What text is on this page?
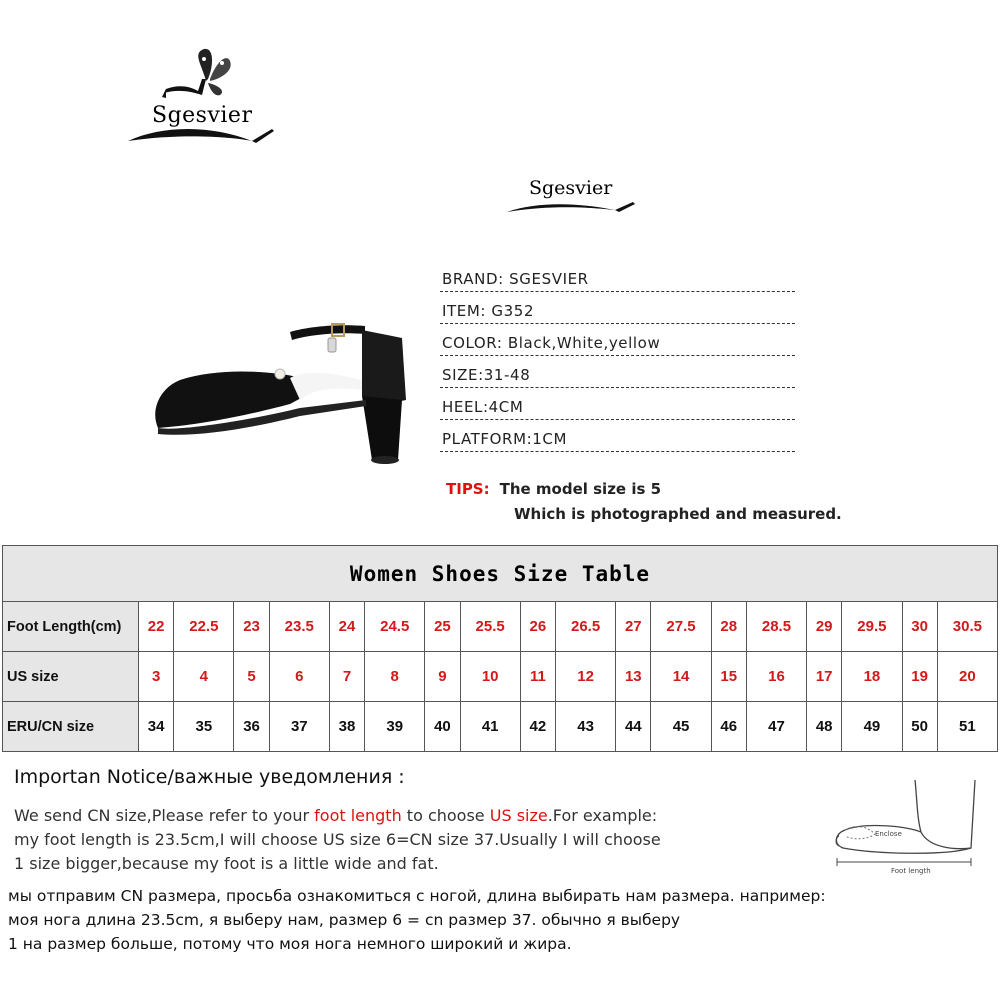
Sgesvier
Sgesvier
BRAND: SGESVIER
ITEM: G352
COLOR: Black,White,yellow
SIZE:31-48
HEEL:4CM
PLATFORM:1CM
TIPS: The model size is 5
Which is photographed and measured.
Women Shoes Size Table																		
Foot Length(cm)	22	22.5	23	23.5	24	24.5	25	25.5	26	26.5	27	27.5	28	28.5	29	29.5	30	30.5
US size	3	4	5	6	7	8	9	10	11	12	13	14	15	16	17	18	19	20
ERU/CN size	34	35	36	37	38	39	40	41	42	43	44	45	46	47	48	49	50	51
Importan Notice/важные уведомления :
We send CN size,Please refer to your foot length to choose US size.For example:
my foot length is 23.5cm,I will choose US size 6=CN size 37.Usually I will choose
1 size bigger,because my foot is a little wide and fat.
мы отправим CN размера, просьба ознакомиться с ногой, длина выбирать нам размера. например:
моя нога длина 23.5cm, я выберу нам, размер 6 = cn размер 37. обычно я выберу
1 на размер больше, потому что моя нога немного широкий и жира.
Enclose
Foot length
